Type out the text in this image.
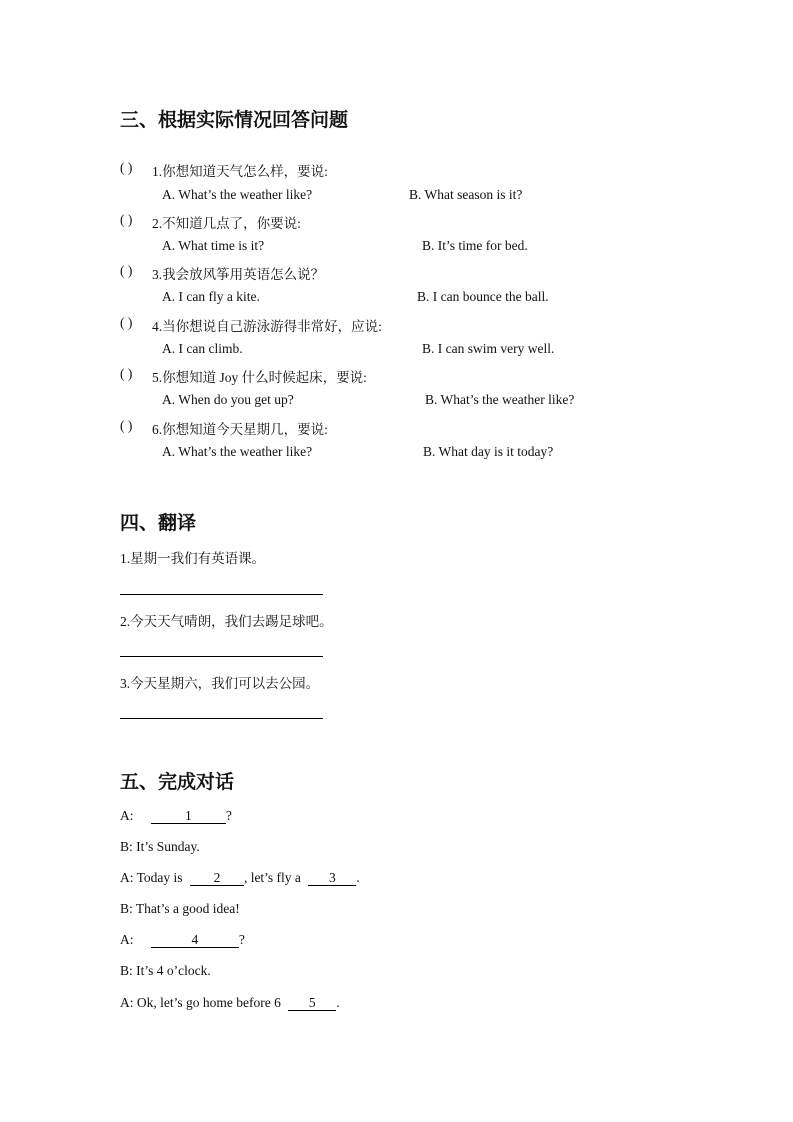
三、根据实际情况回答问题
( ) 1.你想知道天气怎么样，要说:
A. What’s the weather like?	B. What season is it?
( ) 2.不知道几点了，你要说:
A. What time is it?	B. It’s time for bed.
( ) 3.我会放风筝用英语怎么说？
A. I can fly a kite.	B. I can bounce the ball.
( ) 4.当你想说自己游泳游得非常好，应说:
A. I can climb.	B. I can swim very well.
( ) 5.你想知道 Joy 什么时候起床，要说:
A. When do you get up?	B. What’s the weather like?
( ) 6.你想知道今天星期几，要说:
A. What’s the weather like?	B. What day is it today?
四、翻译
1.星期一我们有英语课。
2.今天天气晴朗，我们去踢足球吧。
3.今天星期六，我们可以去公园。
五、完成对话
A:	1	?
B: It’s Sunday.
A: Today is 2 , let’s fly a 3 .
B: That’s a good idea!
A:	4	?
B: It’s 4 o’clock.
A: Ok, let’s go home before 6 5 .
